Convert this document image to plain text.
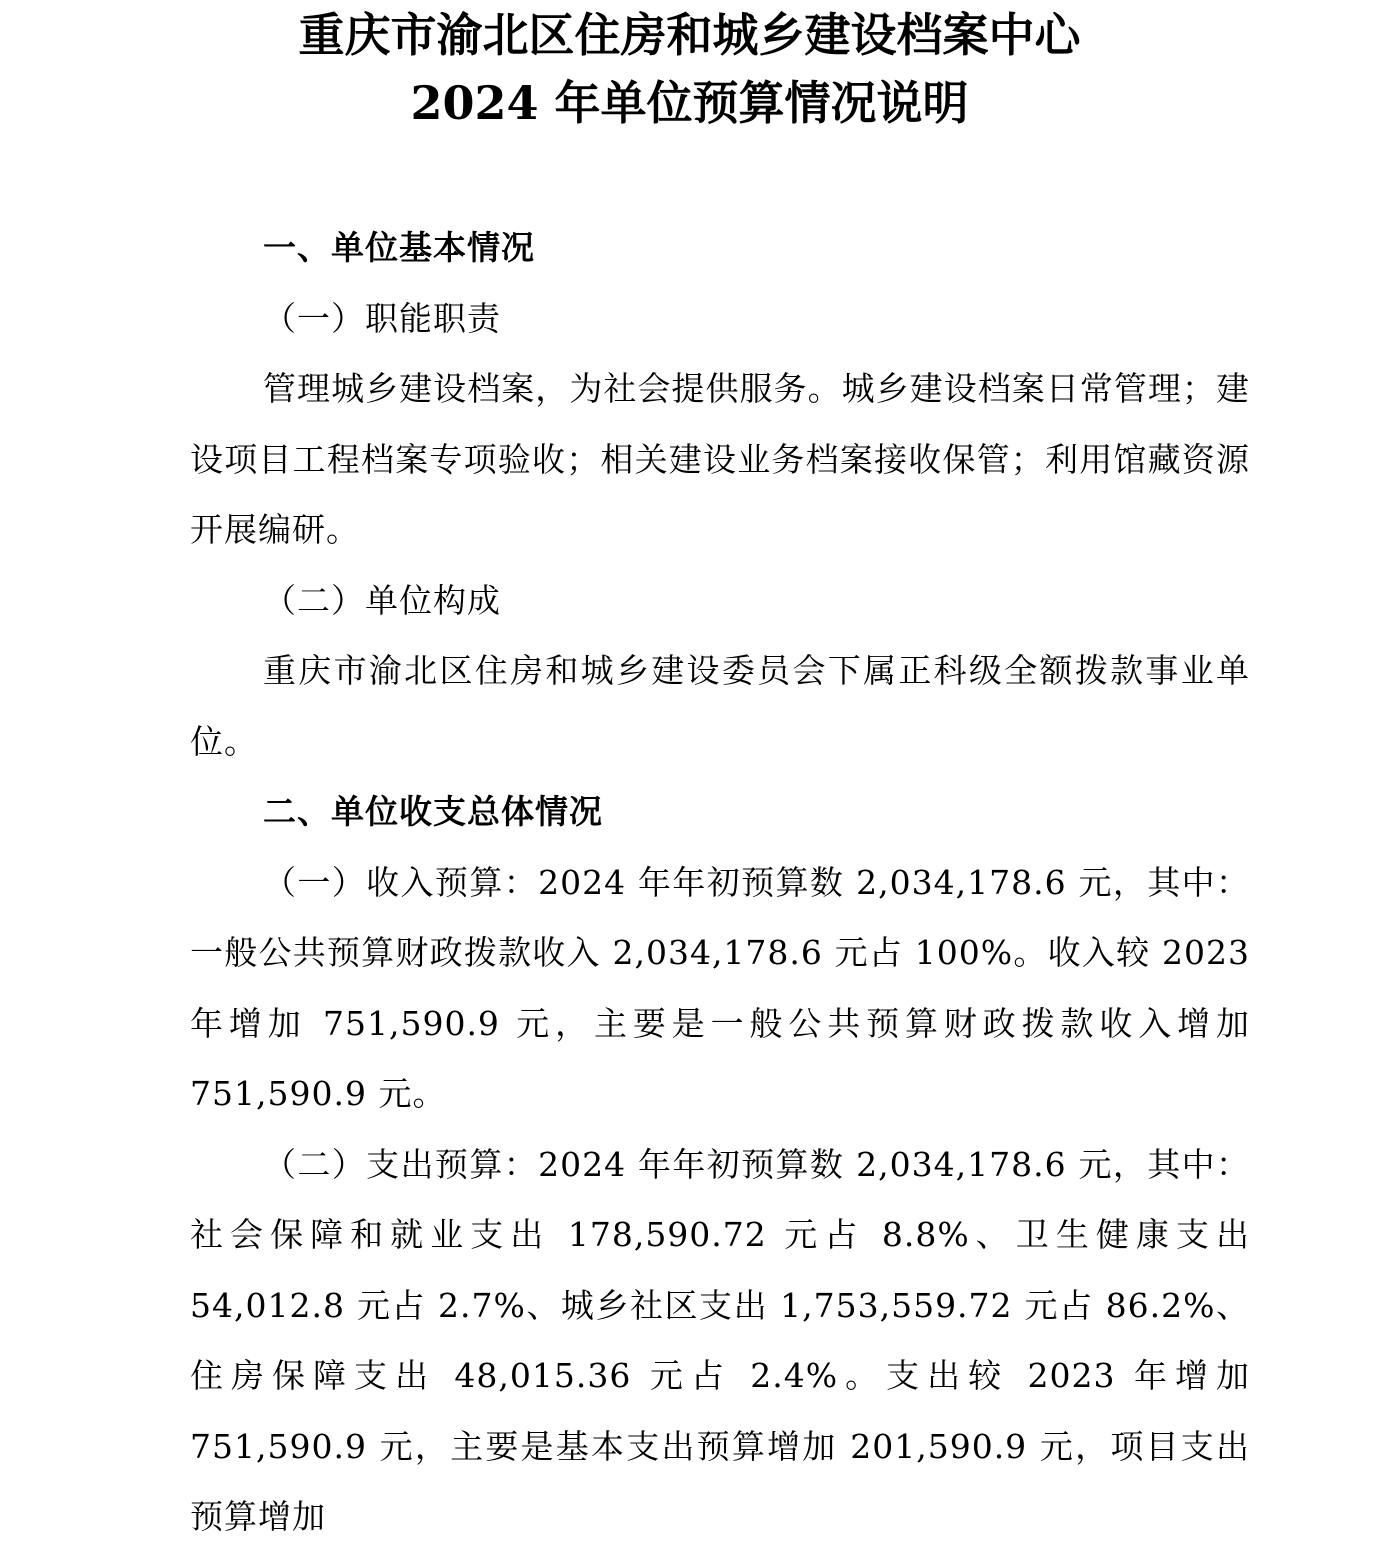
重庆市渝北区住房和城乡建设档案中心
2024 年单位预算情况说明

一、单位基本情况

（一）职能职责

管理城乡建设档案，为社会提供服务。城乡建设档案日常管理；建设项目工程档案专项验收；相关建设业务档案接收保管；利用馆藏资源开展编研。

（二）单位构成

重庆市渝北区住房和城乡建设委员会下属正科级全额拨款事业单位。

二、单位收支总体情况

（一）收入预算：2024 年年初预算数 2,034,178.6 元，其中：一般公共预算财政拨款收入 2,034,178.6 元占 100%。收入较 2023 年增加 751,590.9 元，主要是一般公共预算财政拨款收入增加 751,590.9 元。

（二）支出预算：2024 年年初预算数 2,034,178.6 元，其中：社会保障和就业支出 178,590.72 元占 8.8%、卫生健康支出 54,012.8 元占 2.7%、城乡社区支出 1,753,559.72 元占 86.2%、住房保障支出 48,015.36 元占 2.4%。支出较 2023 年增加 751,590.9 元，主要是基本支出预算增加 201,590.9 元，项目支出预算增加
